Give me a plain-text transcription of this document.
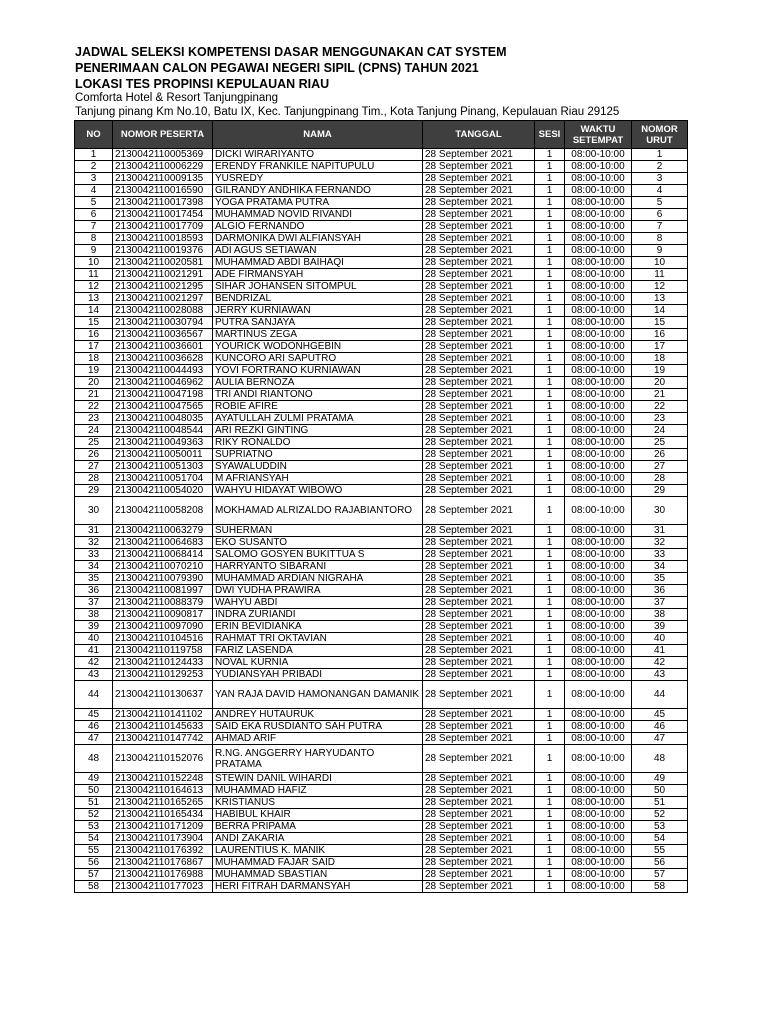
JADWAL SELEKSI KOMPETENSI DASAR MENGGUNAKAN CAT SYSTEM

PENERIMAAN CALON PEGAWAI NEGERI SIPIL (CPNS) TAHUN 2021

LOKASI TES PROPINSI KEPULAUAN RIAU

Comforta Hotel & Resort Tanjungpinang

Tanjung pinang Km No.10, Batu IX, Kec. Tanjungpinang Tim., Kota Tanjung Pinang, Kepulauan Riau 29125

NO	NOMOR PESERTA	NAMA	TANGGAL	SESI	WAKTU SETEMPAT	NOMOR URUT
1	2130042110005369	DICKI WIRARIYANTO	28 September 2021	1	08:00-10:00	1
2	2130042110006229	ERENDY FRANKILE NAPITUPULU	28 September 2021	1	08:00-10:00	2
3	2130042110009135	YUSREDY	28 September 2021	1	08:00-10:00	3
4	2130042110016590	GILRANDY ANDHIKA FERNANDO	28 September 2021	1	08:00-10:00	4
5	2130042110017398	YOGA PRATAMA PUTRA	28 September 2021	1	08:00-10:00	5
6	2130042110017454	MUHAMMAD NOVID RIVANDI	28 September 2021	1	08:00-10:00	6
7	2130042110017709	ALGIO FERNANDO	28 September 2021	1	08:00-10:00	7
8	2130042110018593	DARMONIKA DWI ALFIANSYAH	28 September 2021	1	08:00-10:00	8
9	2130042110019376	ADI AGUS SETIAWAN	28 September 2021	1	08:00-10:00	9
10	2130042110020581	MUHAMMAD ABDI BAIHAQI	28 September 2021	1	08:00-10:00	10
11	2130042110021291	ADE FIRMANSYAH	28 September 2021	1	08:00-10:00	11
12	2130042110021295	SIHAR JOHANSEN SITOMPUL	28 September 2021	1	08:00-10:00	12
13	2130042110021297	BENDRIZAL	28 September 2021	1	08:00-10:00	13
14	2130042110028088	JERRY KURNIAWAN	28 September 2021	1	08:00-10:00	14
15	2130042110030794	PUTRA SANJAYA	28 September 2021	1	08:00-10:00	15
16	2130042110036567	MARTINUS ZEGA	28 September 2021	1	08:00-10:00	16
17	2130042110036601	YOURICK WODONHGEBIN	28 September 2021	1	08:00-10:00	17
18	2130042110036628	KUNCORO ARI SAPUTRO	28 September 2021	1	08:00-10:00	18
19	2130042110044493	YOVI FORTRANO KURNIAWAN	28 September 2021	1	08:00-10:00	19
20	2130042110046962	AULIA BERNOZA	28 September 2021	1	08:00-10:00	20
21	2130042110047198	TRI ANDI RIANTONO	28 September 2021	1	08:00-10:00	21
22	2130042110047565	ROBIE AFIRE	28 September 2021	1	08:00-10:00	22
23	2130042110048035	AYATULLAH ZULMI PRATAMA	28 September 2021	1	08:00-10:00	23
24	2130042110048544	ARI REZKI GINTING	28 September 2021	1	08:00-10:00	24
25	2130042110049363	RIKY RONALDO	28 September 2021	1	08:00-10:00	25
26	2130042110050011	SUPRIATNO	28 September 2021	1	08:00-10:00	26
27	2130042110051303	SYAWALUDDIN	28 September 2021	1	08:00-10:00	27
28	2130042110051704	M AFRIANSYAH	28 September 2021	1	08:00-10:00	28
29	2130042110054020	WAHYU HIDAYAT WIBOWO	28 September 2021	1	08:00-10:00	29
30	2130042110058208	MOKHAMAD ALRIZALDO RAJABIANTORO	28 September 2021	1	08:00-10:00	30
31	2130042110063279	SUHERMAN	28 September 2021	1	08:00-10:00	31
32	2130042110064683	EKO SUSANTO	28 September 2021	1	08:00-10:00	32
33	2130042110068414	SALOMO GOSYEN BUKITTUA S	28 September 2021	1	08:00-10:00	33
34	2130042110070210	HARRYANTO SIBARANI	28 September 2021	1	08:00-10:00	34
35	2130042110079390	MUHAMMAD ARDIAN NIGRAHA	28 September 2021	1	08:00-10:00	35
36	2130042110081997	DWI YUDHA PRAWIRA	28 September 2021	1	08:00-10:00	36
37	2130042110088379	WAHYU ABDI	28 September 2021	1	08:00-10:00	37
38	2130042110090817	INDRA ZURIANDI	28 September 2021	1	08:00-10:00	38
39	2130042110097090	ERIN BEVIDIANKA	28 September 2021	1	08:00-10:00	39
40	2130042110104516	RAHMAT TRI OKTAVIAN	28 September 2021	1	08:00-10:00	40
41	2130042110119758	FARIZ LASENDA	28 September 2021	1	08:00-10:00	41
42	2130042110124433	NOVAL KURNIA	28 September 2021	1	08:00-10:00	42
43	2130042110129253	YUDIANSYAH PRIBADI	28 September 2021	1	08:00-10:00	43
44	2130042110130637	YAN RAJA DAVID HAMONANGAN DAMANIK	28 September 2021	1	08:00-10:00	44
45	2130042110141102	ANDREY HUTAURUK	28 September 2021	1	08:00-10:00	45
46	2130042110145633	SAID EKA RUSDIANTO SAH PUTRA	28 September 2021	1	08:00-10:00	46
47	2130042110147742	AHMAD ARIF	28 September 2021	1	08:00-10:00	47
48	2130042110152076	R.NG. ANGGERRY HARYUDANTO PRATAMA	28 September 2021	1	08:00-10:00	48
49	2130042110152248	STEWIN DANIL WIHARDI	28 September 2021	1	08:00-10:00	49
50	2130042110164613	MUHAMMAD HAFIZ	28 September 2021	1	08:00-10:00	50
51	2130042110165265	KRISTIANUS	28 September 2021	1	08:00-10:00	51
52	2130042110165434	HABIBUL KHAIR	28 September 2021	1	08:00-10:00	52
53	2130042110171209	BERRA PRIPAMA	28 September 2021	1	08:00-10:00	53
54	2130042110173904	ANDI ZAKARIA	28 September 2021	1	08:00-10:00	54
55	2130042110176392	LAURENTIUS K. MANIK	28 September 2021	1	08:00-10:00	55
56	2130042110176867	MUHAMMAD FAJAR SAID	28 September 2021	1	08:00-10:00	56
57	2130042110176988	MUHAMMAD SBASTIAN	28 September 2021	1	08:00-10:00	57
58	2130042110177023	HERI FITRAH DARMANSYAH	28 September 2021	1	08:00-10:00	58
